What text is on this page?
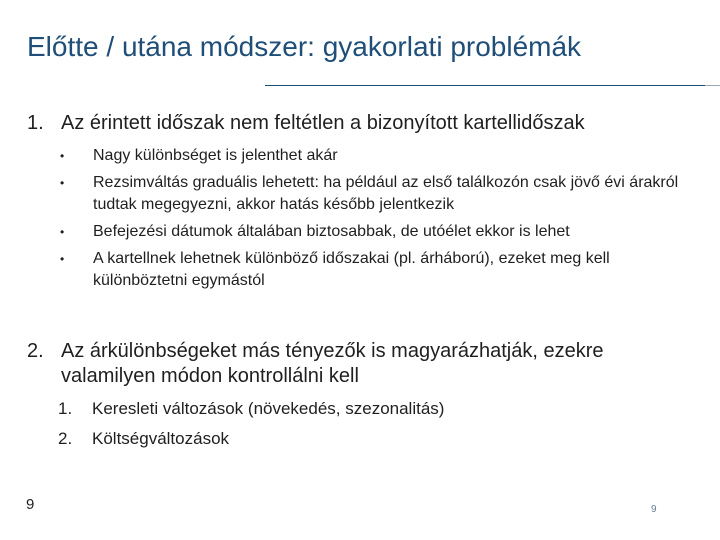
Előtte / utána módszer: gyakorlati problémák
1. Az érintett időszak nem feltétlen a bizonyított kartellidőszak
• Nagy különbséget is jelenthet akár
• Rezsimváltás graduális lehetett: ha például az első találkozón csak jövő évi árakról tudtak megegyezni, akkor hatás később jelentkezik
• Befejezési dátumok általában biztosabbak, de utóélet ekkor is lehet
• A kartellnek lehetnek különböző időszakai (pl. árháború), ezeket meg kell különböztetni egymástól
2. Az árkülönbségeket más tényezők is magyarázhatják, ezekre valamilyen módon kontrollálni kell
1. Keresleti változások (növekedés, szezonalitás)
2. Költségváltozások
9	9
